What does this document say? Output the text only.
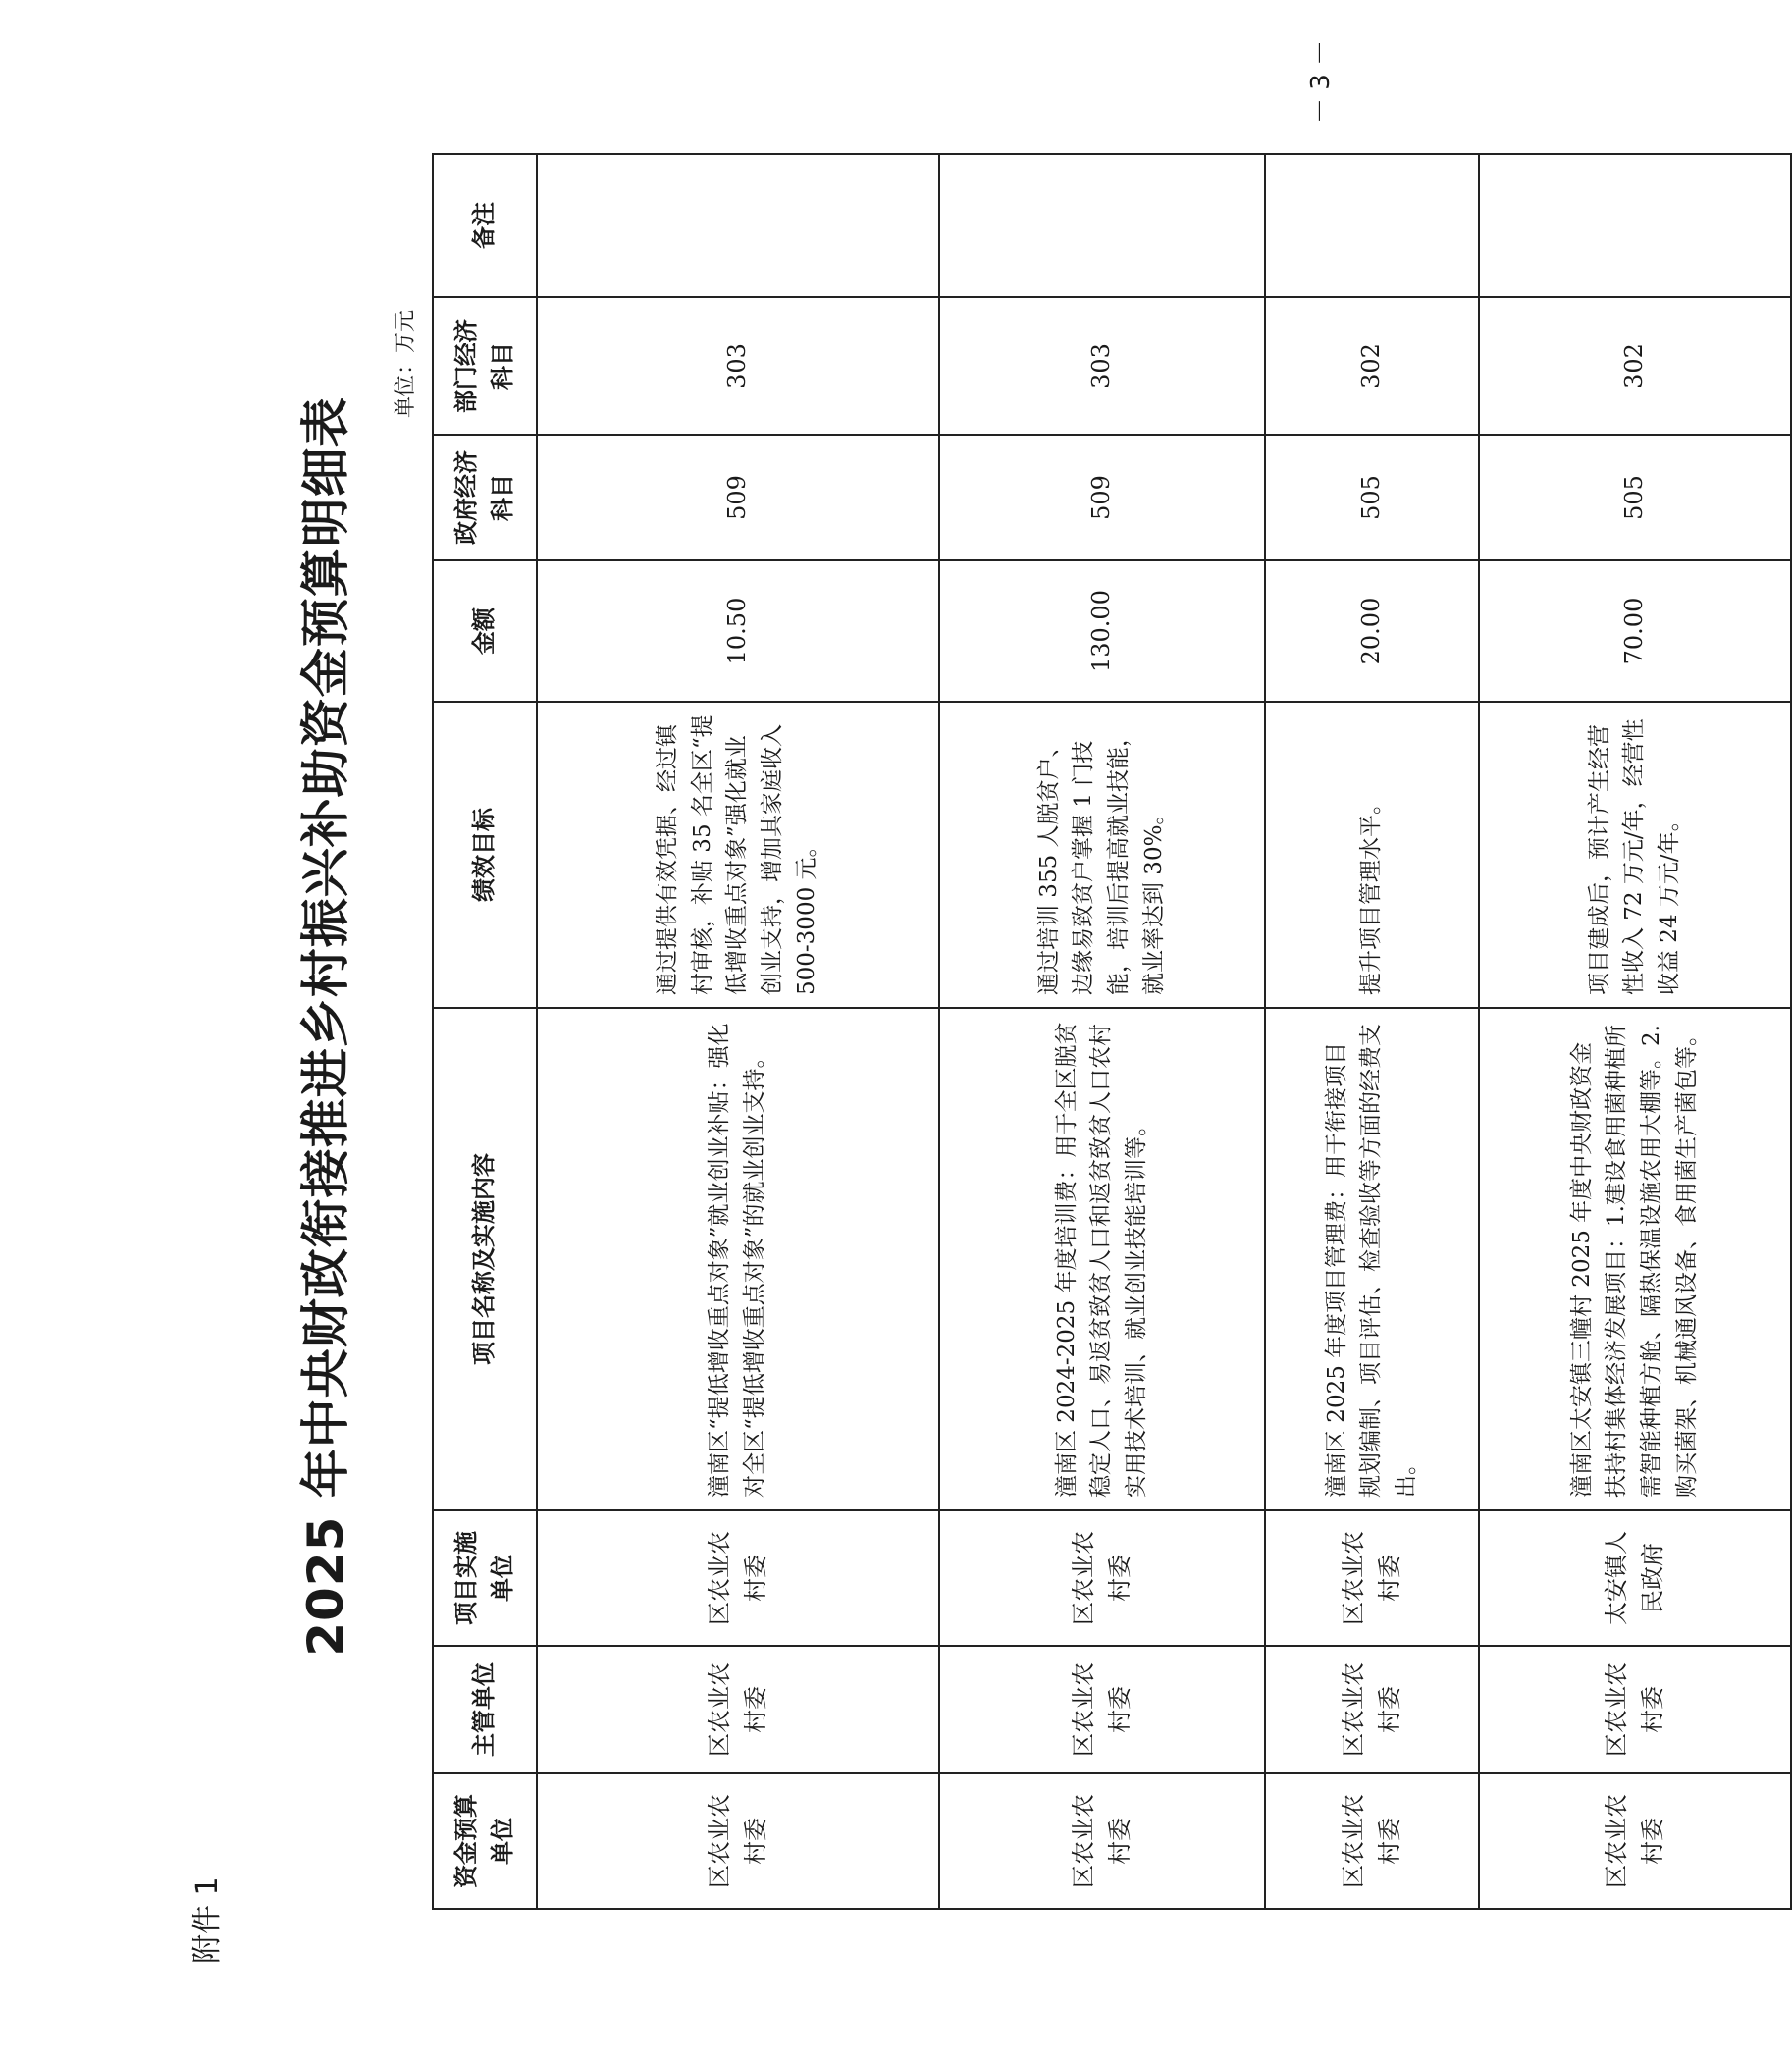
附件 1
2025 年中央财政衔接推进乡村振兴补助资金预算明细表
单位：万元
资金预算单位	主管单位	项目实施单位	项目名称及实施内容	绩效目标	金额	政府经济科目	部门经济科目	备注
区农业农村委	区农业农村委	区农业农村委	潼南区“提低增收重点对象”就业创业补贴：强化对全区“提低增收重点对象”的就业创业支持。	通过提供有效凭据、经过镇村审核，补贴 35 名全区“提低增收重点对象”强化就业创业支持，增加其家庭收入 500-3000 元。	10.50	509	303	
区农业农村委	区农业农村委	区农业农村委	潼南区 2024-2025 年度培训费：用于全区脱贫稳定人口、易返贫致贫人口和返贫致贫人口农村实用技术培训、就业创业技能培训等。	通过培训 355 人脱贫户、边缘易致贫户掌握 1 门技能，培训后提高就业技能，就业率达到 30%。	130.00	509	303	
区农业农村委	区农业农村委	区农业农村委	潼南区 2025 年度项目管理费：用于衔接项目规划编制、项目评估、检查验收等方面的经费支出。	提升项目管理水平。	20.00	505	302	
区农业农村委	区农业农村委	太安镇人民政府	潼南区太安镇三幢村 2025 年度中央财政资金扶持村集体经济发展项目：1.建设食用菌种植所需智能种植方舱、隔热保温设施农用大棚等。2.购买菌架、机械通风设备、食用菌生产菌包等。	项目建成后，预计产生经营性收入 72 万元/年，经营性收益 24 万元/年。	70.00	505	302	
－ 3 －
